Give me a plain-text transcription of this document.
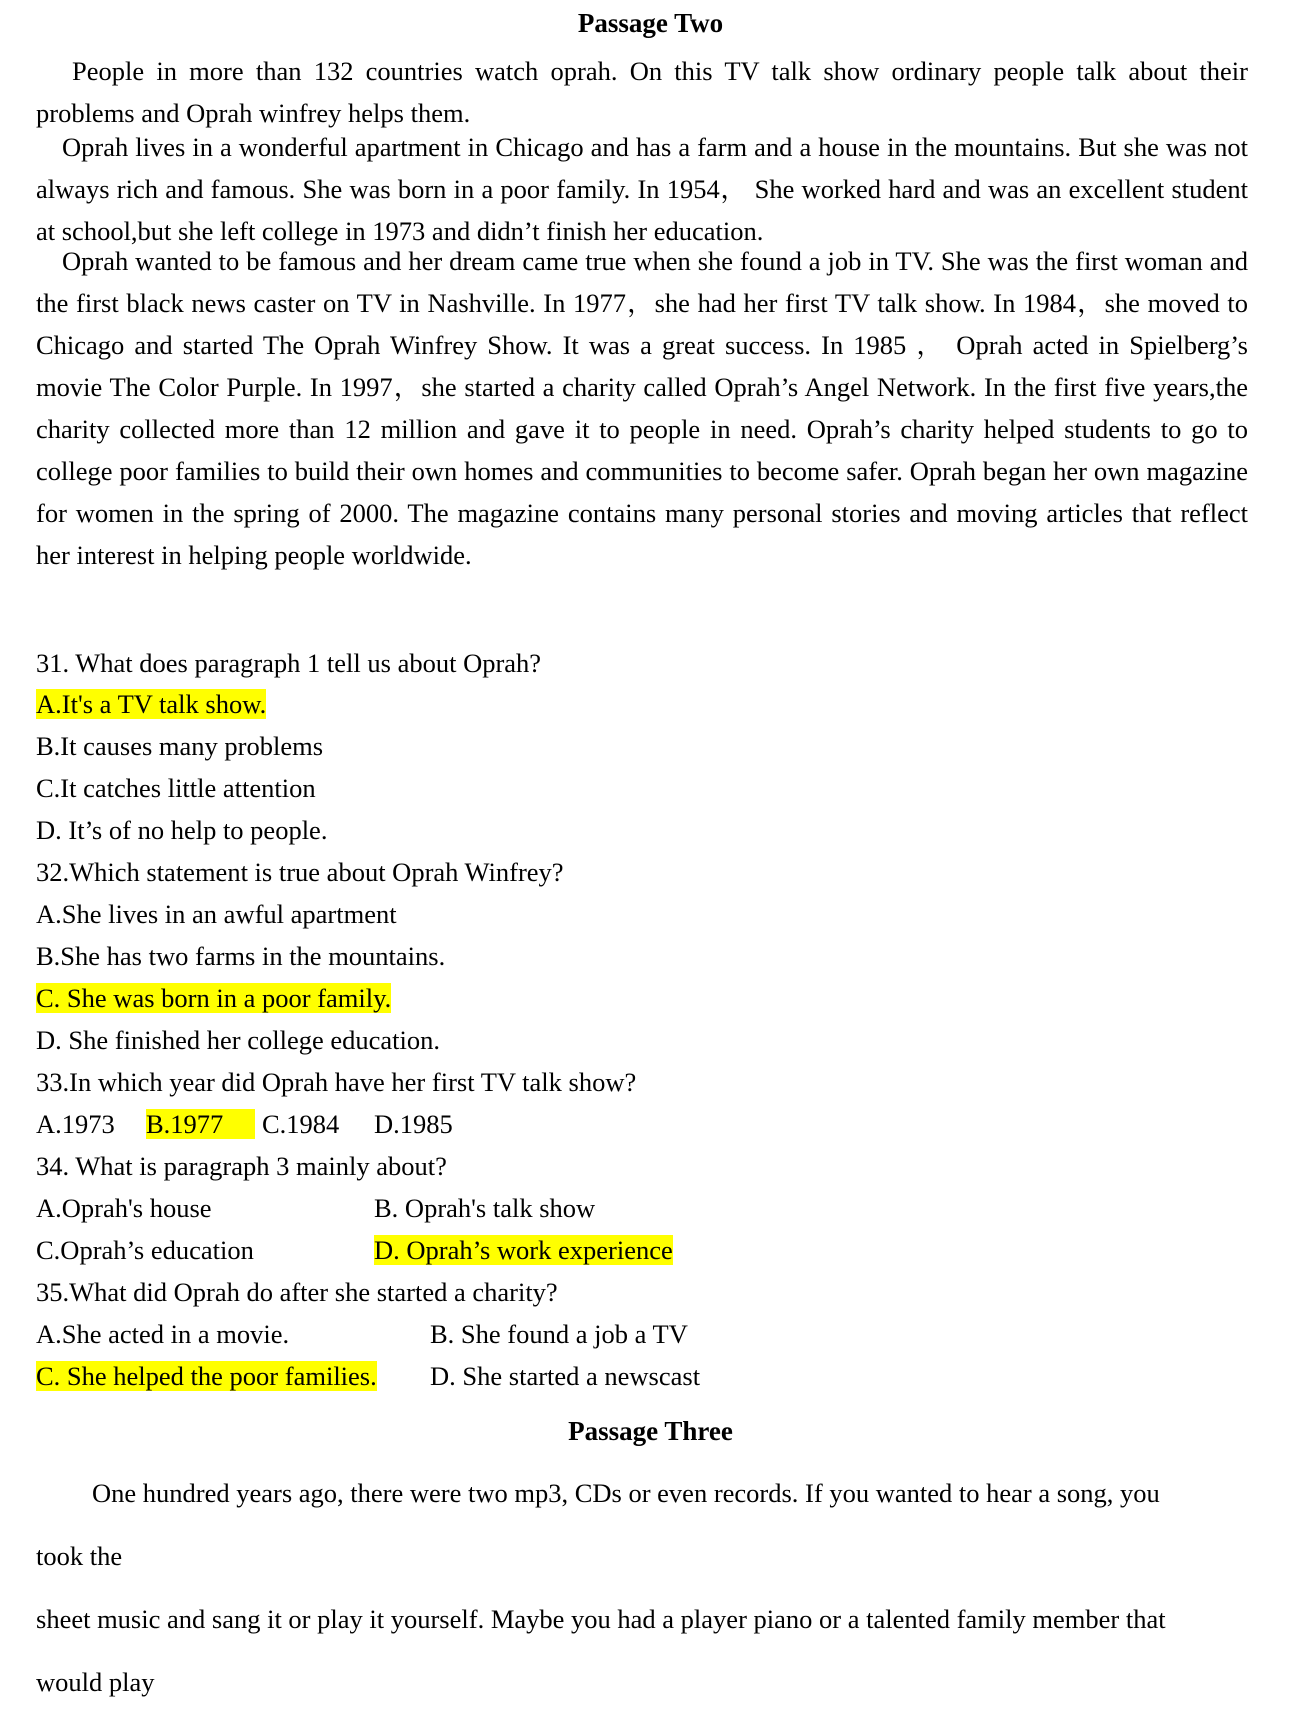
Passage Two

People in more than 132 countries watch oprah. On this TV talk show ordinary people talk about their problems and Oprah winfrey helps them.

Oprah lives in a wonderful apartment in Chicago and has a farm and a house in the mountains. But she was not always rich and famous. She was born in a poor family. In 1954， She worked hard and was an excellent student at school,but she left college in 1973 and didn’t finish her education.

Oprah wanted to be famous and her dream came true when she found a job in TV. She was the first woman and the first black news caster on TV in Nashville. In 1977，she had her first TV talk show. In 1984，she moved to Chicago and started The Oprah Winfrey Show. It was a great success. In 1985 ， Oprah acted in Spielberg’s movie The Color Purple. In 1997，she started a charity called Oprah’s Angel Network. In the first five years,the charity collected more than 12 million and gave it to people in need. Oprah’s charity helped students to go to college poor families to build their own homes and communities to become safer. Oprah began her own magazine for women in the spring of 2000. The magazine contains many personal stories and moving articles that reflect her interest in helping people worldwide.

31. What does paragraph 1 tell us about Oprah?
A.It's a TV talk show.
B.It causes many problems
C.It catches little attention
D. It’s of no help to people.
32.Which statement is true about Oprah Winfrey?
A.She lives in an awful apartment
B.She has two farms in the mountains.
C. She was born in a poor family.
D. She finished her college education.
33.In which year did Oprah have her first TV talk show?
A.1973 B.1977	C.1984 D.1985
34. What is paragraph 3 mainly about?
A.Oprah's house	B. Oprah's talk show
C.Oprah’s education	D. Oprah’s work experience
35.What did Oprah do after she started a charity?
A.She acted in a movie.	B. She found a job a TV
C. She helped the poor families. D. She started a newscast
Passage Three
One hundred years ago, there were two mp3, CDs or even records. If you wanted to hear a song, you
took the
sheet music and sang it or play it yourself. Maybe you had a player piano or a talented family member that
would play
